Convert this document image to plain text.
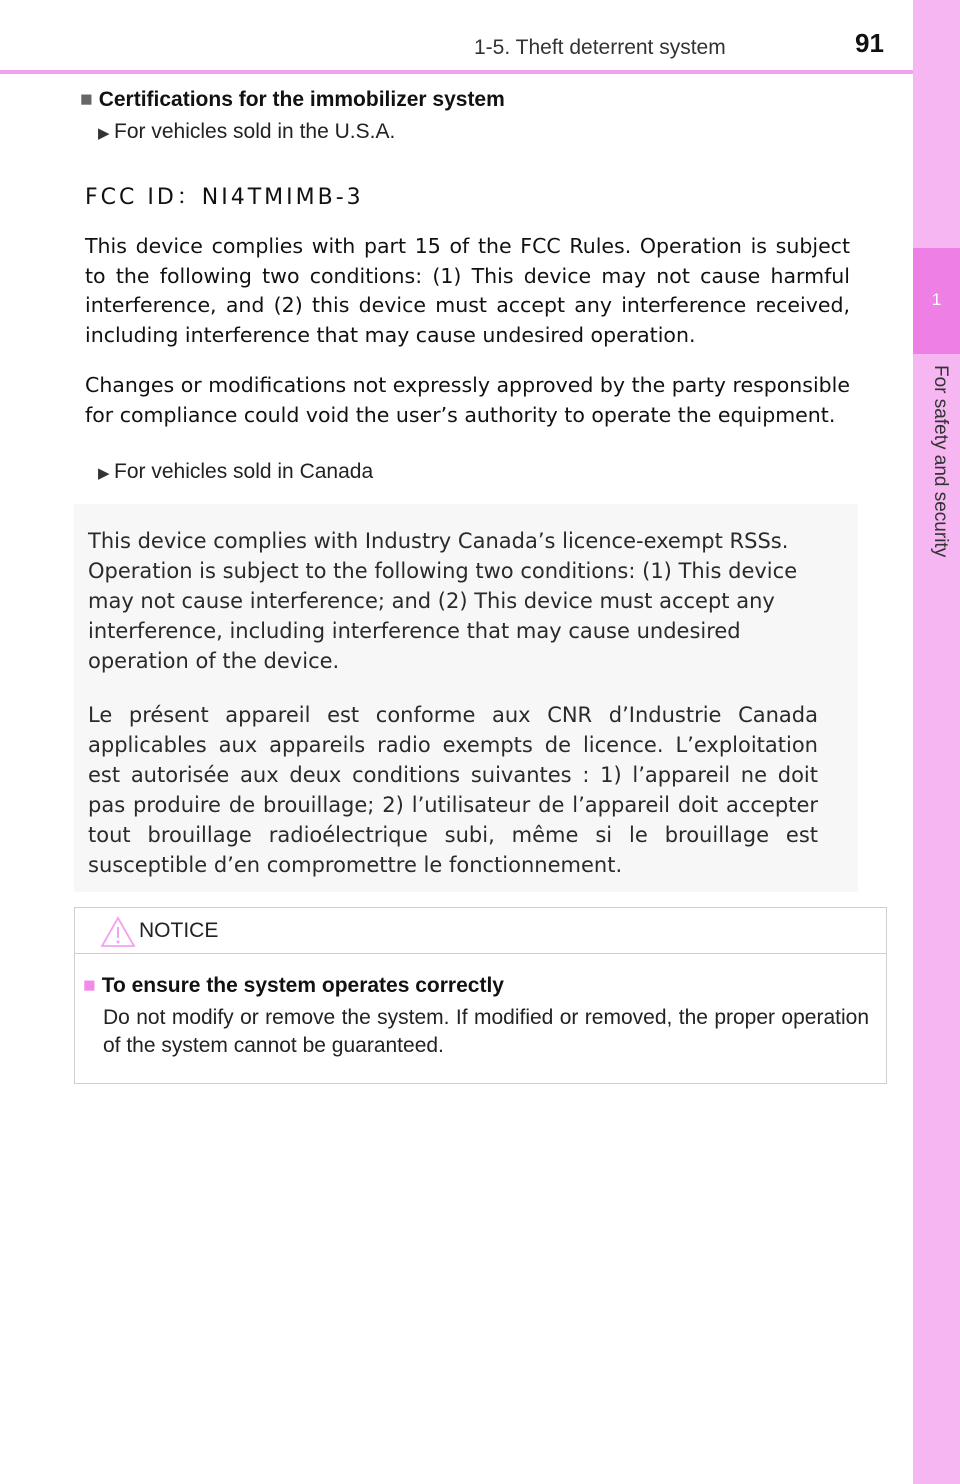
1-5. Theft deterrent system	91
1
For safety and security
■ Certifications for the immobilizer system
▶ For vehicles sold in the U.S.A.
FCC ID：NI4TMIMB-3

This device complies with part 15 of the FCC Rules. Operation is subject to the following two conditions: (1) This device may not cause harmful interference, and (2) this device must accept any interference received, including interference that may cause undesired operation.

Changes or modifications not expressly approved by the party responsible for compliance could void the user’s authority to operate the equipment.

▶ For vehicles sold in Canada

This device complies with Industry Canada’s licence-exempt RSSs. Operation is subject to the following two conditions: (1) This device may not cause interference; and (2) This device must accept any interference, including interference that may cause undesired operation of the device.

Le présent appareil est conforme aux CNR d’Industrie Canada applicables aux appareils radio exempts de licence. L’exploitation est autorisée aux deux conditions suivantes : 1) l’appareil ne doit pas produire de brouillage; 2) l’utilisateur de l’appareil doit accepter tout brouillage radioélectrique subi, même si le brouillage est susceptible d’en compromettre le fonctionnement.

NOTICE
■ To ensure the system operates correctly

Do not modify or remove the system. If modified or removed, the proper operation of the system cannot be guaranteed.
